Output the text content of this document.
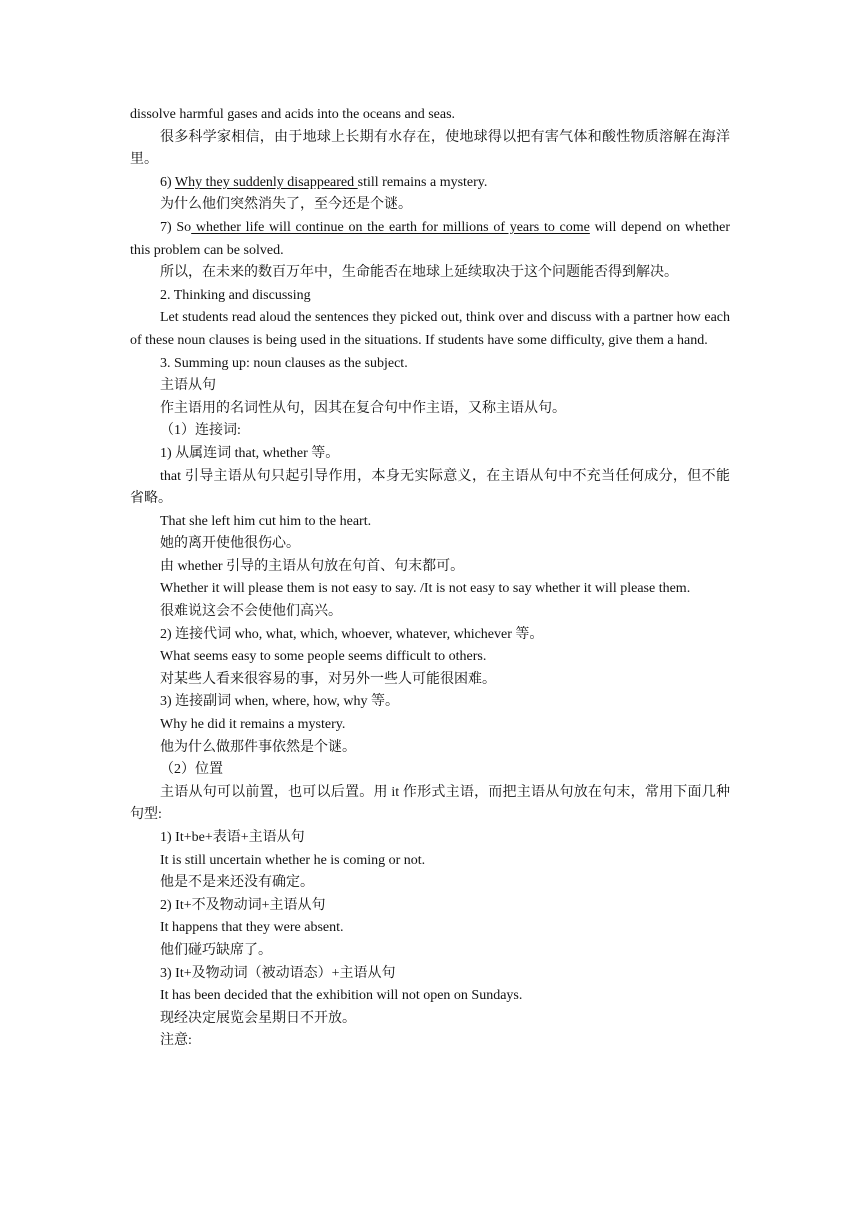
dissolve harmful gases and acids into the oceans and seas.

很多科学家相信，由于地球上长期有水存在，使地球得以把有害气体和酸性物质溶解在海洋里。

6) Why they suddenly disappeared still remains a mystery.

为什么他们突然消失了，至今还是个谜。

7) So whether life will continue on the earth for millions of years to come will depend on whether this problem can be solved.

所以，在未来的数百万年中，生命能否在地球上延续取决于这个问题能否得到解决。

2. Thinking and discussing

Let students read aloud the sentences they picked out, think over and discuss with a partner how each of these noun clauses is being used in the situations. If students have some difficulty, give them a hand.

3. Summing up: noun clauses as the subject.

主语从句

作主语用的名词性从句，因其在复合句中作主语，又称主语从句。

（1）连接词:

1) 从属连词 that, whether 等。

that 引导主语从句只起引导作用，本身无实际意义，在主语从句中不充当任何成分，但不能省略。

That she left him cut him to the heart.

她的离开使他很伤心。

由 whether 引导的主语从句放在句首、句末都可。

Whether it will please them is not easy to say. /It is not easy to say whether it will please them.

很难说这会不会使他们高兴。

2) 连接代词 who, what, which, whoever, whatever, whichever 等。

What seems easy to some people seems difficult to others.

对某些人看来很容易的事，对另外一些人可能很困难。

3) 连接副词 when, where, how, why 等。

Why he did it remains a mystery.

他为什么做那件事依然是个谜。

（2）位置

主语从句可以前置，也可以后置。用 it 作形式主语，而把主语从句放在句末，常用下面几种句型:

1) It+be+表语+主语从句

It is still uncertain whether he is coming or not.

他是不是来还没有确定。

2) It+不及物动词+主语从句

It happens that they were absent.

他们碰巧缺席了。

3) It+及物动词（被动语态）+主语从句

It has been decided that the exhibition will not open on Sundays.

现经决定展览会星期日不开放。

注意:
